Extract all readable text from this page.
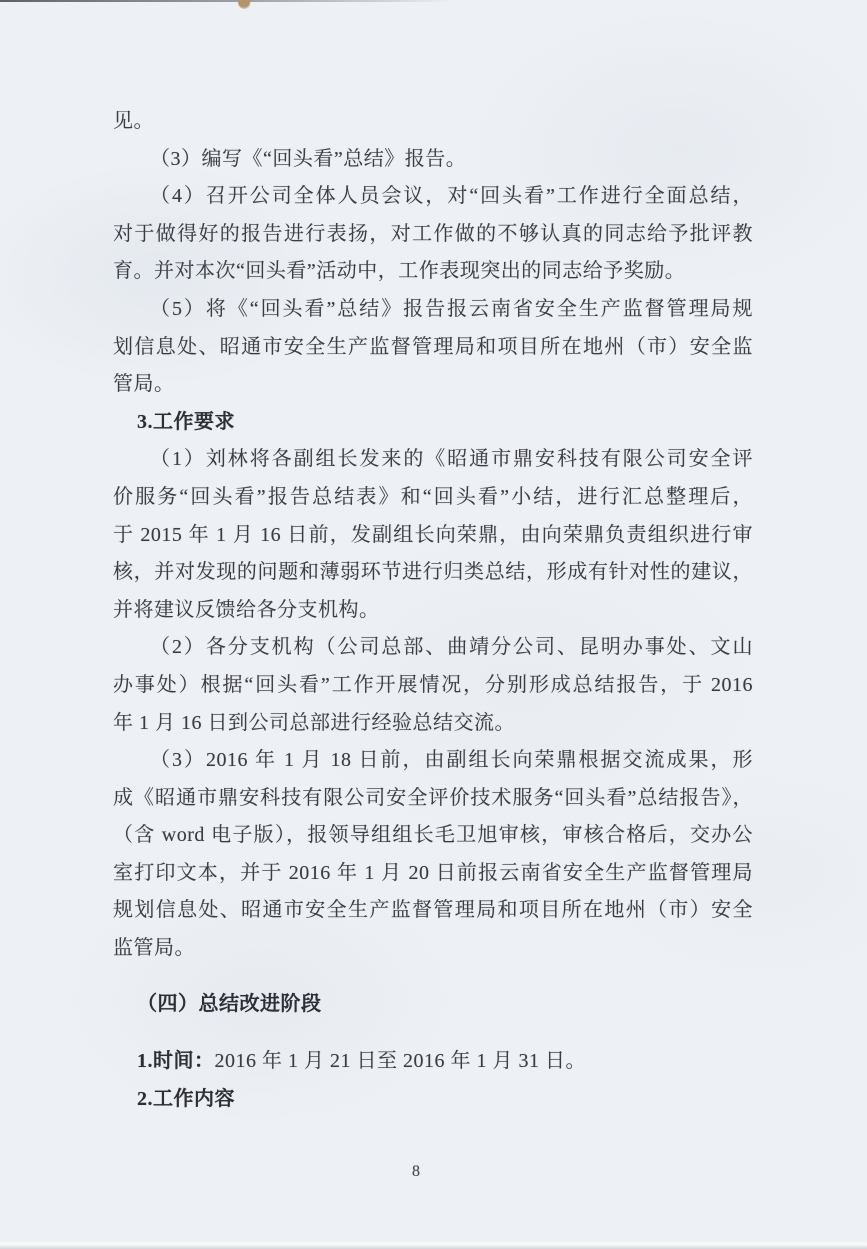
见。
（3）编写《“回头看”总结》报告。
（4）召开公司全体人员会议，对“回头看”工作进行全面总结，
对于做得好的报告进行表扬，对工作做的不够认真的同志给予批评教
育。并对本次“回头看”活动中，工作表现突出的同志给予奖励。
（5）将《“回头看”总结》报告报云南省安全生产监督管理局规
划信息处、昭通市安全生产监督管理局和项目所在地州（市）安全监
管局。
3.工作要求
（1）刘林将各副组长发来的《昭通市鼎安科技有限公司安全评
价服务“回头看”报告总结表》和“回头看”小结，进行汇总整理后，
于 2015 年 1 月 16 日前，发副组长向荣鼎，由向荣鼎负责组织进行审
核，并对发现的问题和薄弱环节进行归类总结，形成有针对性的建议，
并将建议反馈给各分支机构。
（2）各分支机构（公司总部、曲靖分公司、昆明办事处、文山
办事处）根据“回头看”工作开展情况，分别形成总结报告，于 2016
年 1 月 16 日到公司总部进行经验总结交流。
（3）2016 年 1 月 18 日前，由副组长向荣鼎根据交流成果，形
成《昭通市鼎安科技有限公司安全评价技术服务“回头看”总结报告》，
（含 word 电子版），报领导组组长毛卫旭审核，审核合格后，交办公
室打印文本，并于 2016 年 1 月 20 日前报云南省安全生产监督管理局
规划信息处、昭通市安全生产监督管理局和项目所在地州（市）安全
监管局。
（四）总结改进阶段
1.时间：2016 年 1 月 21 日至 2016 年 1 月 31 日。
2.工作内容
8
